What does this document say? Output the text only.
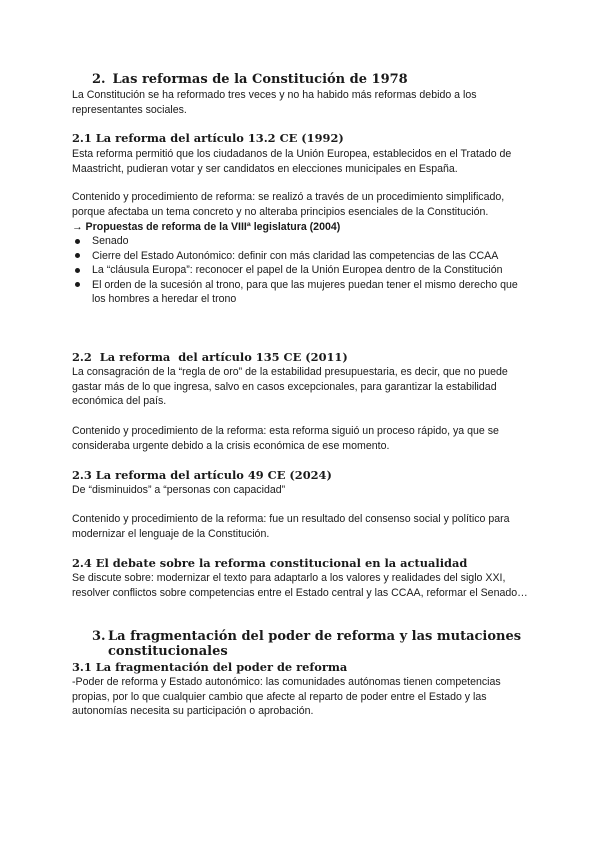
2. Las reformas de la Constitución de 1978

La Constitución se ha reformado tres veces y no ha habido más reformas debido a los representantes sociales.

2.1 La reforma del artículo 13.2 CE (1992)

Esta reforma permitió que los ciudadanos de la Unión Europea, establecidos en el Tratado de Maastricht, pudieran votar y ser candidatos en elecciones municipales en España.

Contenido y procedimiento de reforma: se realizó a través de un procedimiento simplificado, porque afectaba un tema concreto y no alteraba principios esenciales de la Constitución.

→ Propuestas de reforma de la VIIIª legislatura (2004)
Senado
Cierre del Estado Autonómico: definir con más claridad las competencias de las CCAA
La “cláusula Europa”: reconocer el papel de la Unión Europea dentro de la Constitución
El orden de la sucesión al trono, para que las mujeres puedan tener el mismo derecho que los hombres a heredar el trono
2.2  La reforma  del artículo 135 CE (2011)

La consagración de la “regla de oro” de la estabilidad presupuestaria, es decir, que no puede gastar más de lo que ingresa, salvo en casos excepcionales, para garantizar la estabilidad económica del país.

Contenido y procedimiento de la reforma: esta reforma siguió un proceso rápido, ya que se consideraba urgente debido a la crisis económica de ese momento.

2.3 La reforma del artículo 49 CE (2024)

De “disminuidos” a “personas con capacidad”

Contenido y procedimiento de la reforma: fue un resultado del consenso social y político para modernizar el lenguaje de la Constitución.

2.4 El debate sobre la reforma constitucional en la actualidad

Se discute sobre: modernizar el texto para adaptarlo a los valores y realidades del siglo XXI, resolver conflictos sobre competencias entre el Estado central y las CCAA, reformar el Senado…

3. La fragmentación del poder de reforma y las mutaciones
constitucionales
3.1 La fragmentación del poder de reforma

-Poder de reforma y Estado autonómico: las comunidades autónomas tienen competencias propias, por lo que cualquier cambio que afecte al reparto de poder entre el Estado y las autonomías necesita su participación o aprobación.
